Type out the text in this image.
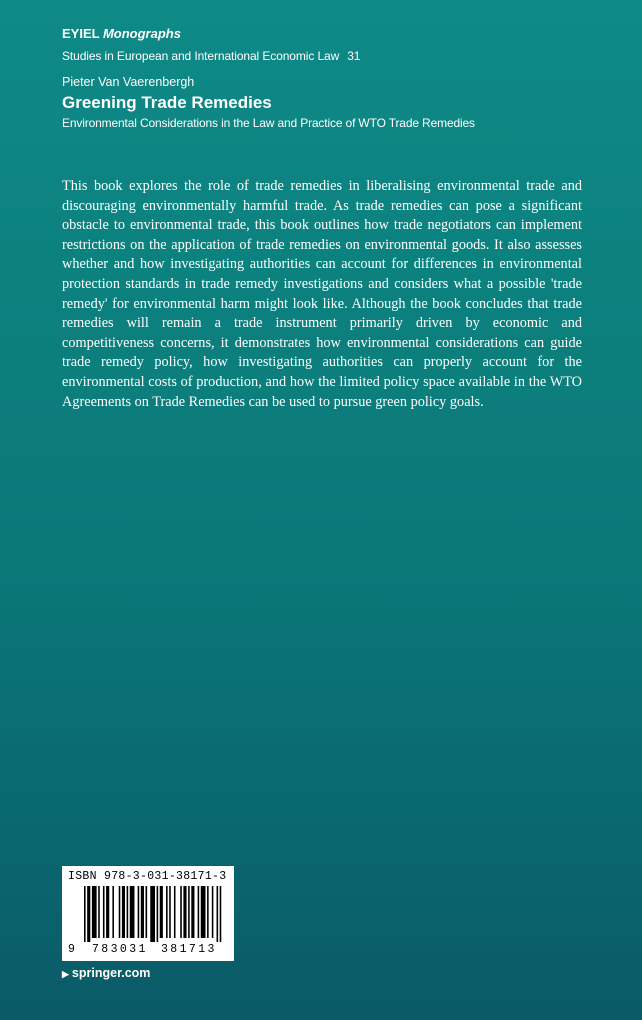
EYIEL Monographs
Studies in European and International Economic Law 31
Pieter Van Vaerenbergh
Greening Trade Remedies
Environmental Considerations in the Law and Practice of WTO Trade Remedies
This book explores the role of trade remedies in liberalising environmental trade and discouraging environmentally harmful trade. As trade remedies can pose a significant obstacle to environmental trade, this book outlines how trade negotiators can implement restrictions on the application of trade remedies on environmental goods. It also assesses whether and how investigating authorities can account for differences in environmental protection standards in trade remedy investigations and considers what a possible 'trade remedy' for environmental harm might look like. Although the book concludes that trade remedies will remain a trade instrument primarily driven by economic and competitiveness concerns, it demonstrates how environmental considerations can guide trade remedy policy, how investigating authorities can properly account for the environmental costs of production, and how the limited policy space available in the WTO Agreements on Trade Remedies can be used to pursue green policy goals.
ISBN 978-3-031-38171-3
9 783031 381713
▶ springer.com
